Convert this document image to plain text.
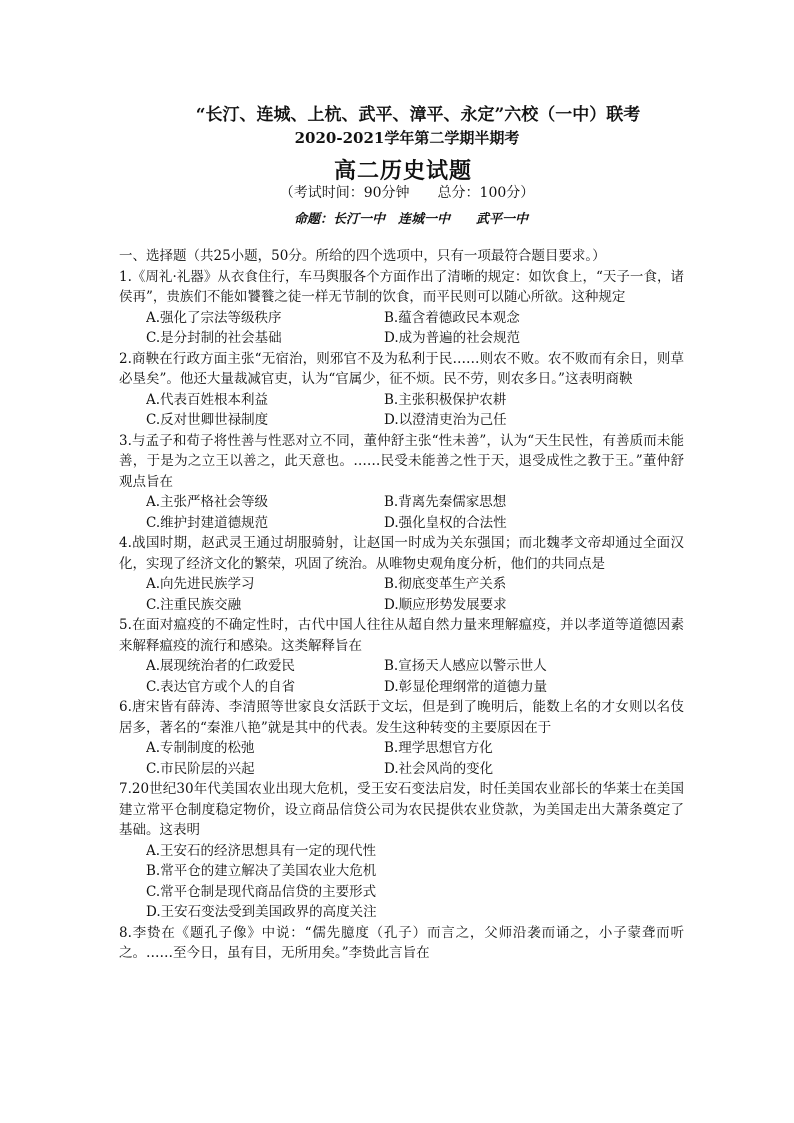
“长汀、连城、上杭、武平、漳平、永定”六校（一中）联考
2020-2021学年第二学期半期考
高二历史试题
（考试时间：90分钟　　总分：100分）
命题：长汀一中　连城一中　　武平一中

一、选择题（共25小题，50分。所给的四个选项中，只有一项最符合题目要求。）

1.《周礼·礼器》从衣食住行，车马舆服各个方面作出了清晰的规定：如饮食上，“天子一食，诸侯再”，贵族们不能如饕餮之徒一样无节制的饮食，而平民则可以随心所欲。这种规定

A.强化了宗法等级秩序	B.蕴含着德政民本观念
C.是分封制的社会基础	D.成为普遍的社会规范

2.商鞅在行政方面主张“无宿治，则邪官不及为私利于民……则农不败。农不败而有余日，则草必垦矣”。他还大量裁减官吏，认为“官属少，征不烦。民不劳，则农多日。”这表明商鞅

A.代表百姓根本利益	B.主张积极保护农耕
C.反对世卿世禄制度	D.以澄清吏治为己任

3.与孟子和荀子将性善与性恶对立不同，董仲舒主张“性未善”，认为“天生民性，有善质而未能善，于是为之立王以善之，此天意也。……民受未能善之性于天，退受成性之教于王。”董仲舒观点旨在

A.主张严格社会等级	B.背离先秦儒家思想
C.维护封建道德规范	D.强化皇权的合法性

4.战国时期，赵武灵王通过胡服骑射，让赵国一时成为关东强国；而北魏孝文帝却通过全面汉化，实现了经济文化的繁荣，巩固了统治。从唯物史观角度分析，他们的共同点是

A.向先进民族学习	B.彻底变革生产关系
C.注重民族交融	D.顺应形势发展要求

5.在面对瘟疫的不确定性时，古代中国人往往从超自然力量来理解瘟疫，并以孝道等道德因素来解释瘟疫的流行和感染。这类解释旨在

A.展现统治者的仁政爱民	B.宣扬天人感应以警示世人
C.表达官方或个人的自省	D.彰显伦理纲常的道德力量

6.唐宋皆有薛涛、李清照等世家良女活跃于文坛，但是到了晚明后，能数上名的才女则以名伎居多，著名的“秦淮八艳”就是其中的代表。发生这种转变的主要原因在于

A.专制制度的松弛	B.理学思想官方化
C.市民阶层的兴起	D.社会风尚的变化

7.20世纪30年代美国农业出现大危机，受王安石变法启发，时任美国农业部长的华莱士在美国建立常平仓制度稳定物价，设立商品信贷公司为农民提供农业贷款，为美国走出大萧条奠定了基础。这表明

A.王安石的经济思想具有一定的现代性
B.常平仓的建立解决了美国农业大危机
C.常平仓制是现代商品信贷的主要形式
D.王安石变法受到美国政界的高度关注

8.李贽在《题孔子像》中说：“儒先臆度（孔子）而言之，父师沿袭而诵之，小子蒙聋而听之。……至今日，虽有目，无所用矣。”李贽此言旨在
